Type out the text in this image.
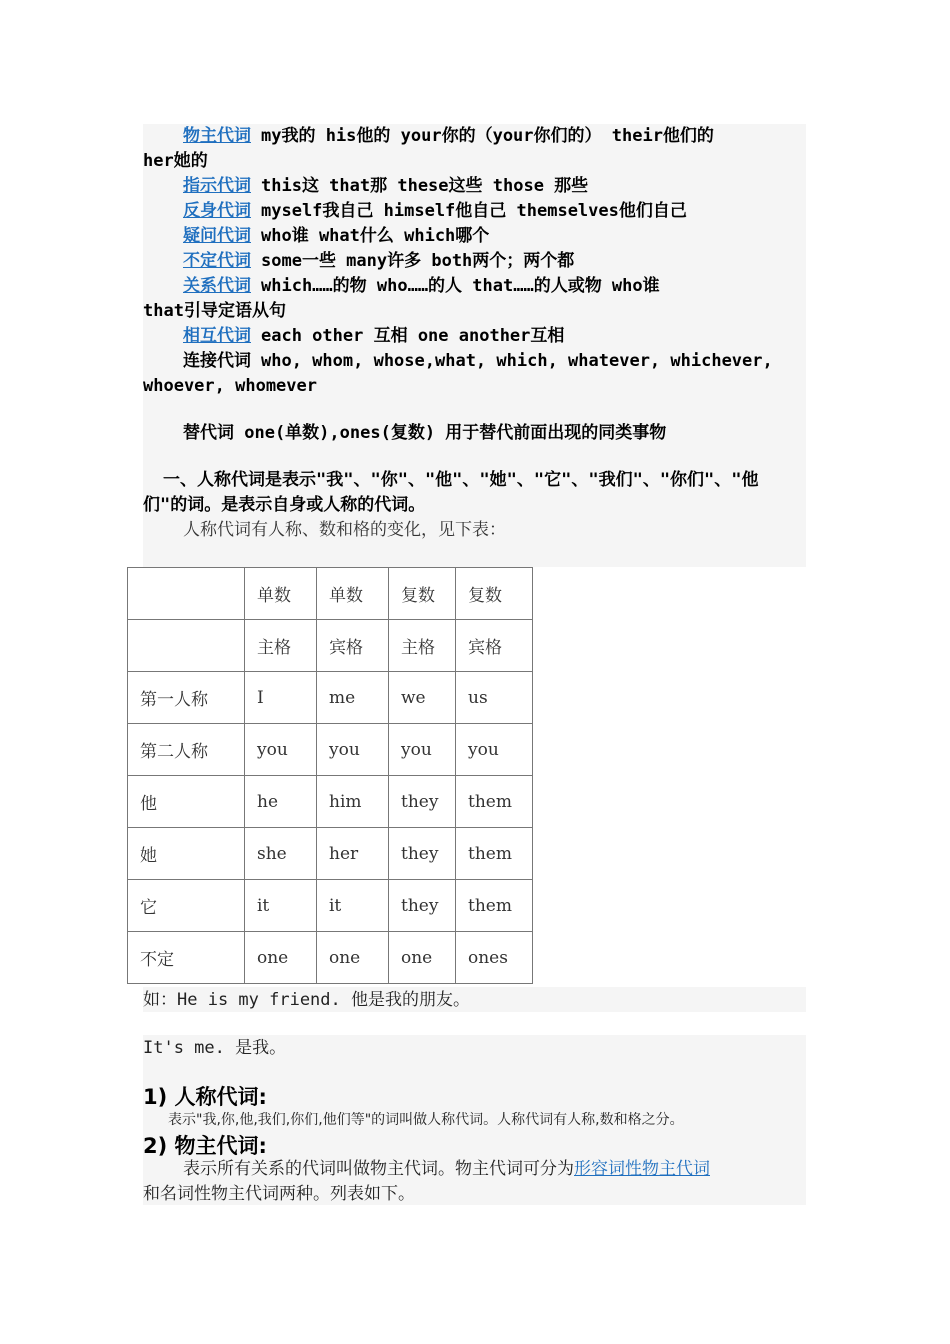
物主代词 my我的 his他的 your你的（your你们的） their他们的
her她的
指示代词 this这 that那 these这些 those 那些
反身代词 myself我自己 himself他自己 themselves他们自己
疑问代词 who谁 what什么 which哪个
不定代词 some一些 many许多 both两个；两个都
关系代词 which……的物 who……的人 that……的人或物 who谁
that引导定语从句
相互代词 each other 互相 one another互相
连接代词 who, whom, whose,what, which, whatever, whichever,
whoever, whomever
替代词 one(单数),ones(复数) 用于替代前面出现的同类事物
一、人称代词是表示"我"、"你"、"他"、"她"、"它"、"我们"、"你们"、"他
们"的词。是表示自身或人称的代词。
人称代词有人称、数和格的变化，见下表：
	单数	单数	复数	复数
	主格	宾格	主格	宾格
第一人称	I	me	we	us
第二人称	you	you	you	you
他	he	him	they	them
她	she	her	they	them
它	it	it	they	them
不定	one	one	one	ones
如：He is my friend. 他是我的朋友。
It's me. 是我。
1) 人称代词:
表示"我,你,他,我们,你们,他们等"的词叫做人称代词。人称代词有人称,数和格之分。
2) 物主代词:
表示所有关系的代词叫做物主代词。物主代词可分为形容词性物主代词
和名词性物主代词两种。列表如下。
